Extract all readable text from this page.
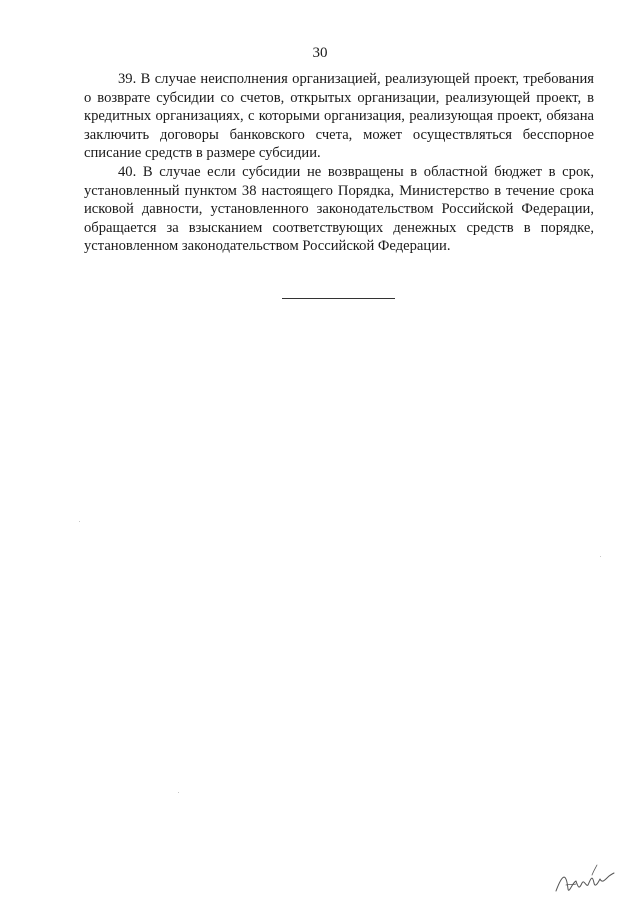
30

39. В случае неисполнения организацией, реализующей проект, требования о возврате субсидии со счетов, открытых организации, реализующей проект, в кредитных организациях, с которыми организация, реализующая проект, обязана заключить договоры банковского счета, может осуществляться бесспорное списание средств в размере субсидии.

40. В случае если субсидии не возвращены в областной бюджет в срок, установленный пунктом 38 настоящего Порядка, Министерство в течение срока исковой давности, установленного законодательством Российской Федерации, обращается за взысканием соответствующих денежных средств в порядке, установленном законодательством Российской Федерации.
